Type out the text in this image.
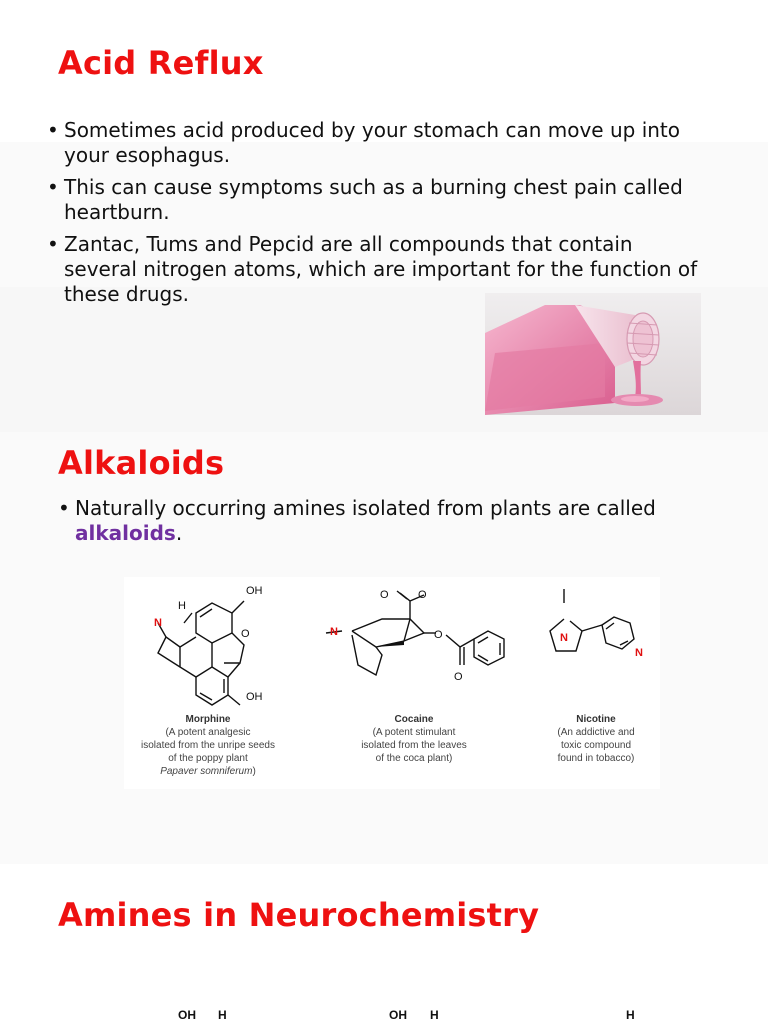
Acid Reflux
• Sometimes acid produced by your stomach can move up into your esophagus.
• This can cause symptoms such as a burning chest pain called heartburn.
• Zantac, Tums and Pepcid are all compounds that contain several nitrogen atoms, which are important for the function of these drugs.
Alkaloids
• Naturally occurring amines isolated from plants are called alkaloids.
N
H
OH
O
OH
N
O	O
O
O
N
N
Morphine
(A potent analgesic
isolated from the unripe seeds
of the poppy plant
Papaver somniferum)
Cocaine
(A potent stimulant
isolated from the leaves
of the coca plant)
Nicotine
(An addictive and
toxic compound
found in tobacco)
Amines in Neurochemistry
OH H	OH H	H
